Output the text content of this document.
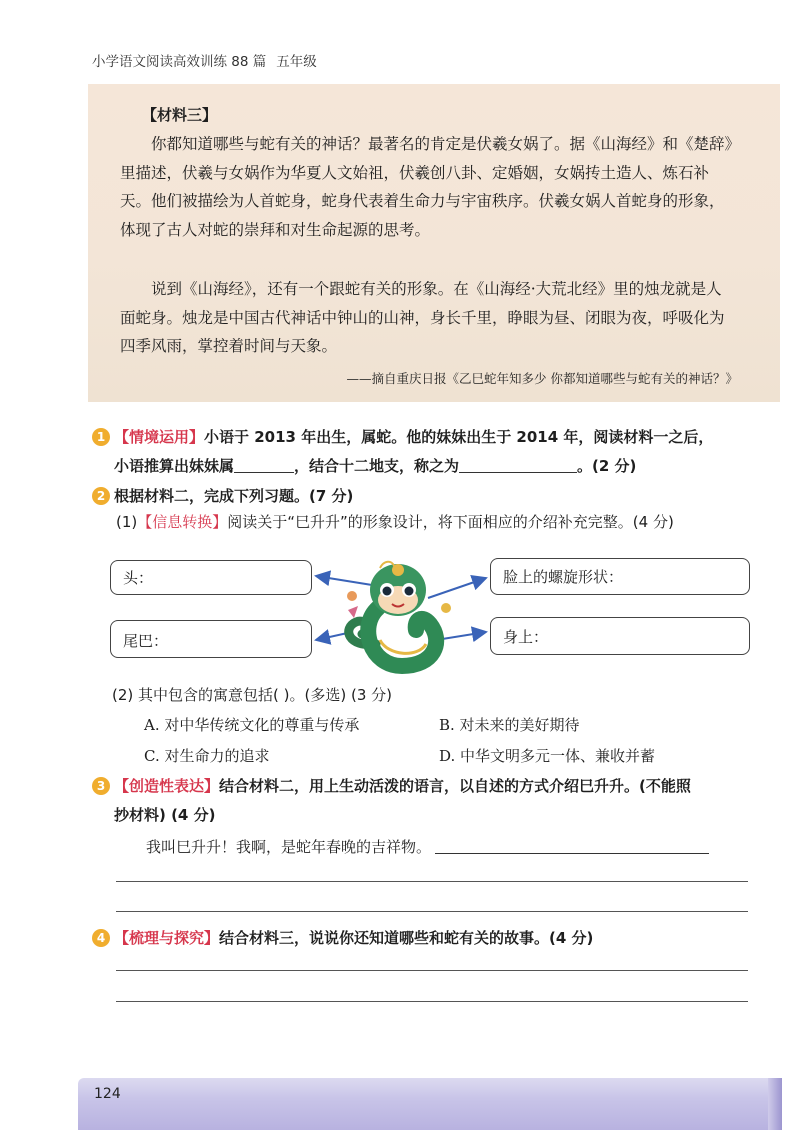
小学语文阅读高效训练 88 篇 五年级
【材料三】
你都知道哪些与蛇有关的神话？最著名的肯定是伏羲女娲了。据《山海经》和《楚辞》里描述，伏羲与女娲作为华夏人文始祖，伏羲创八卦、定婚姻，女娲抟土造人、炼石补天。他们被描绘为人首蛇身，蛇身代表着生命力与宇宙秩序。伏羲女娲人首蛇身的形象，体现了古人对蛇的崇拜和对生命起源的思考。
说到《山海经》，还有一个跟蛇有关的形象。在《山海经·大荒北经》里的烛龙就是人面蛇身。烛龙是中国古代神话中钟山的山神，身长千里，睁眼为昼、闭眼为夜，呼吸化为四季风雨，掌控着时间与天象。
——摘自重庆日报《乙巳蛇年知多少 你都知道哪些与蛇有关的神话？》
1 【情境运用】小语于 2013 年出生，属蛇。他的妹妹出生于 2014 年，阅读材料一之后，
小语推算出妹妹属	，结合十二地支，称之为	。(2 分)
2 根据材料二，完成下列习题。(7 分)
(1)【信息转换】阅读关于“巳升升”的形象设计，将下面相应的介绍补充完整。(4 分)
头：
尾巴：
脸上的螺旋形状：
身上：
(2) 其中包含的寓意包括( )。(多选) (3 分)
A. 对中华传统文化的尊重与传承	B. 对未来的美好期待
C. 对生命力的追求	D. 中华文明多元一体、兼收并蓄
3 【创造性表达】结合材料二，用上生动活泼的语言，以自述的方式介绍巳升升。(不能照
抄材料) (4 分)
我叫巳升升！我啊，是蛇年春晚的吉祥物。
4 【梳理与探究】结合材料三，说说你还知道哪些和蛇有关的故事。(4 分)
124
